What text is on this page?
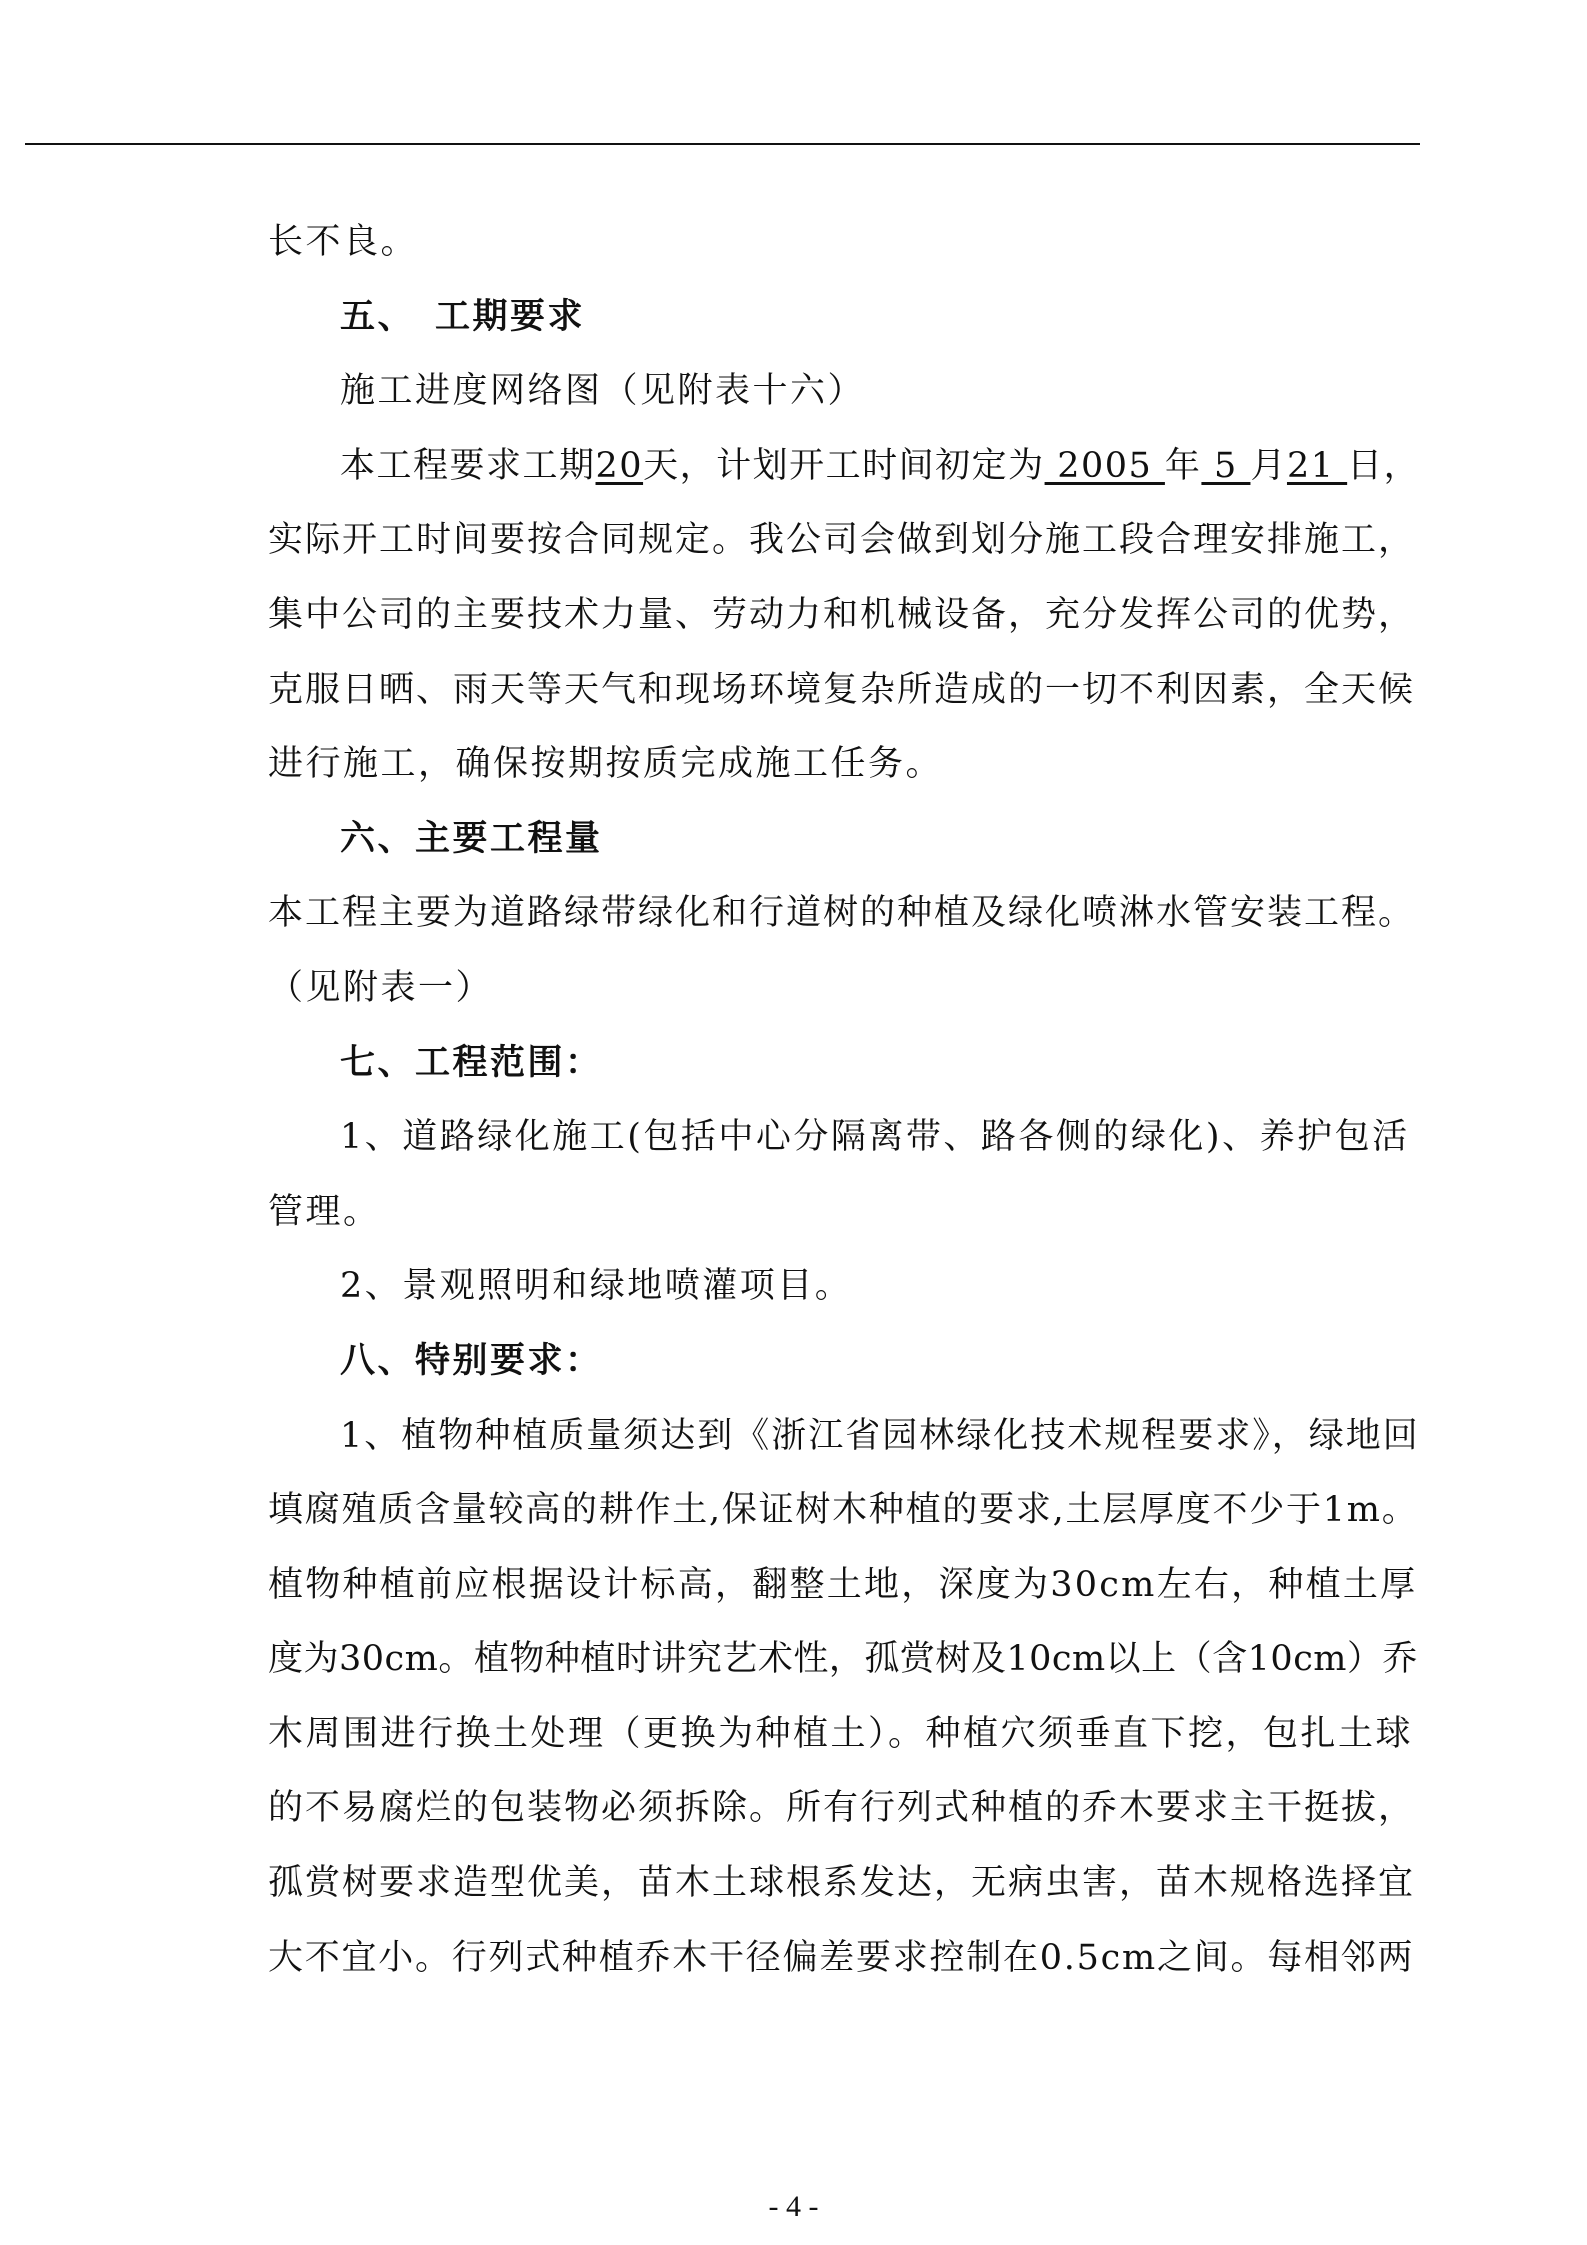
长不良。
五、 工期要求
施工进度网络图（见附表十六）
本工程要求工期20天，计划开工时间初定为 2005 年 5 月21 日，
实际开工时间要按合同规定。我公司会做到划分施工段合理安排施工，
集中公司的主要技术力量、劳动力和机械设备，充分发挥公司的优势，
克服日晒、雨天等天气和现场环境复杂所造成的一切不利因素，全天候
进行施工，确保按期按质完成施工任务。
六、主要工程量
本工程主要为道路绿带绿化和行道树的种植及绿化喷淋水管安装工程。
（见附表一）
七、工程范围：
1、道路绿化施工(包括中心分隔离带、路各侧的绿化)、养护包活
管理。
2、景观照明和绿地喷灌项目。
八、特别要求：
1、植物种植质量须达到《浙江省园林绿化技术规程要求》，绿地回
填腐殖质含量较高的耕作土,保证树木种植的要求,土层厚度不少于1m。
植物种植前应根据设计标高，翻整土地，深度为30cm左右，种植土厚
度为30cm。植物种植时讲究艺术性，孤赏树及10cm以上（含10cm）乔
木周围进行换土处理（更换为种植土）。种植穴须垂直下挖，包扎土球
的不易腐烂的包装物必须拆除。所有行列式种植的乔木要求主干挺拔，
孤赏树要求造型优美，苗木土球根系发达，无病虫害，苗木规格选择宜
大不宜小。行列式种植乔木干径偏差要求控制在0.5cm之间。每相邻两
- 4 -
